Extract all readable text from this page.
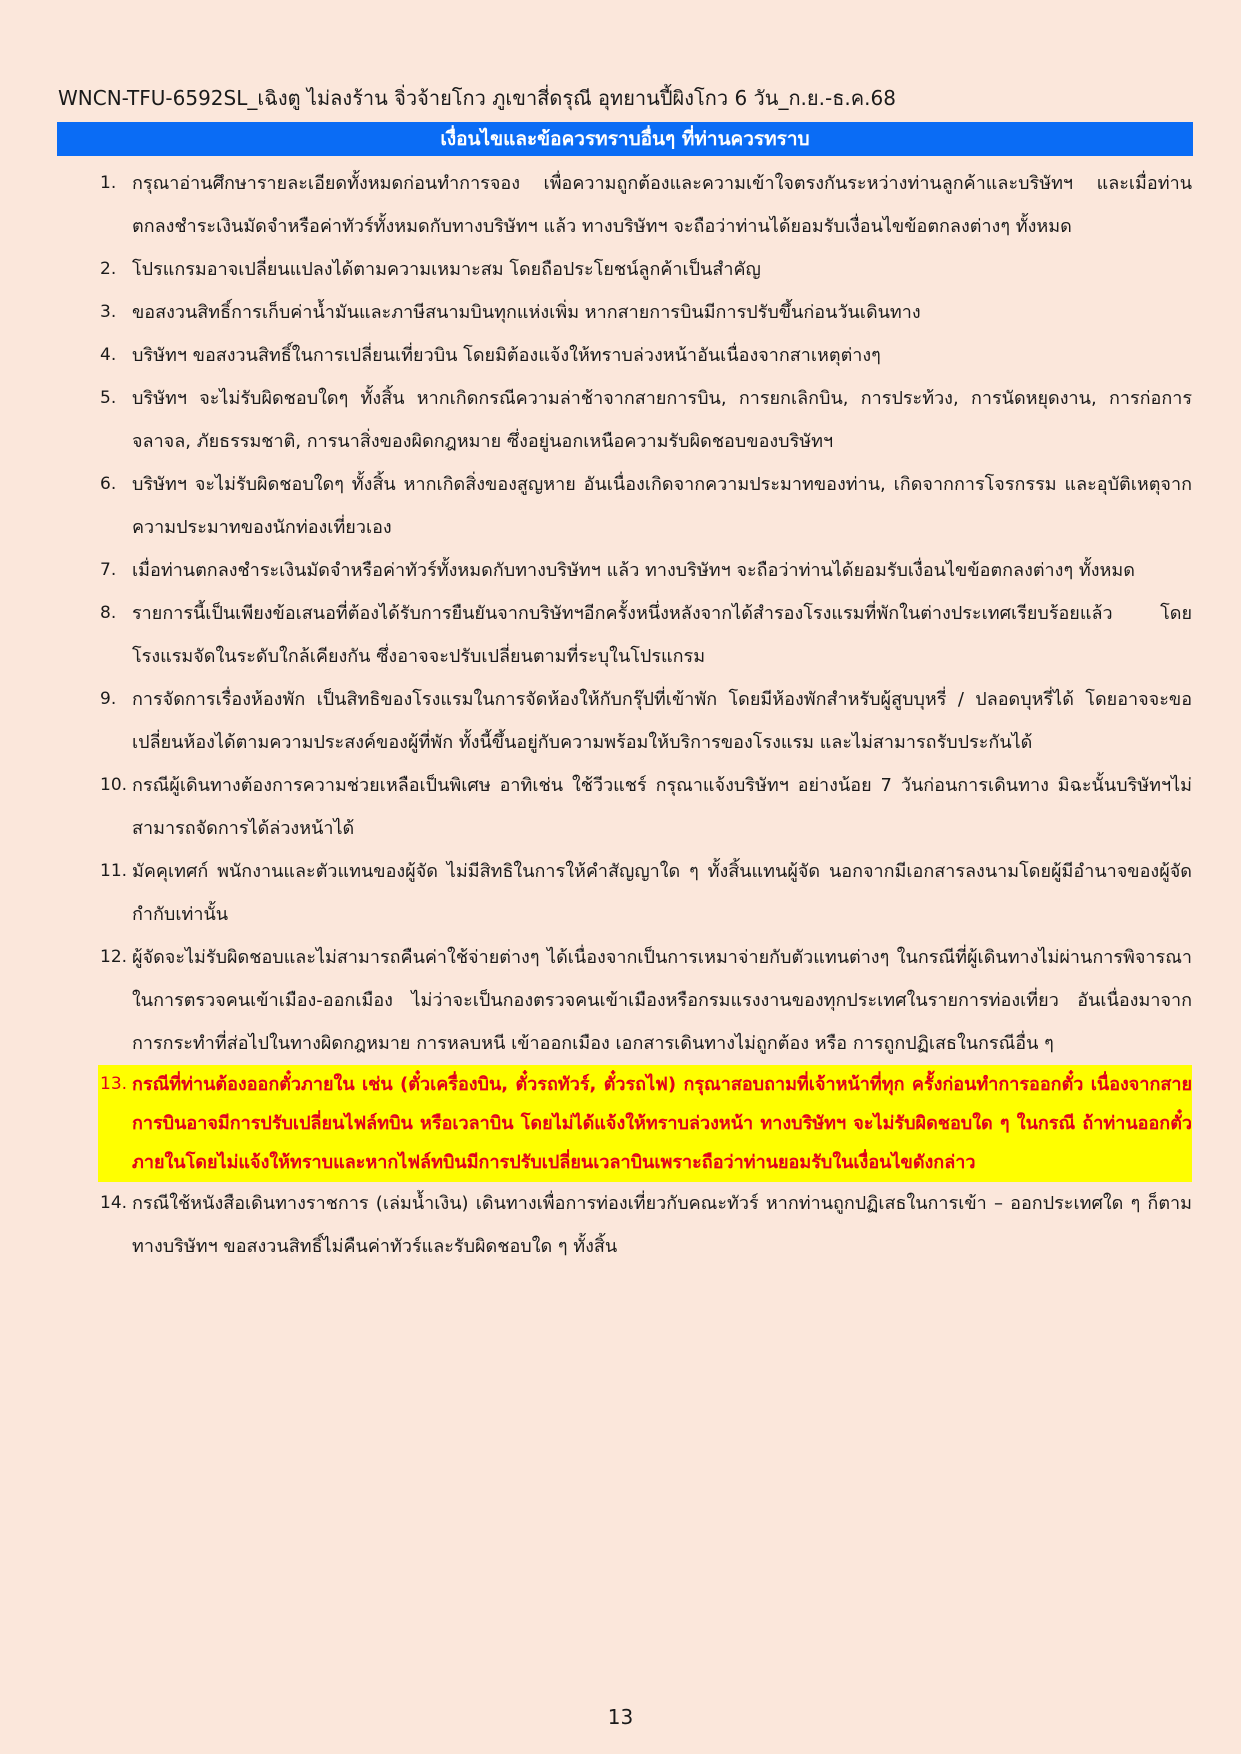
WNCN-TFU-6592SL_เฉิงตู ไม่ลงร้าน จิ่วจ้ายโกว ภูเขาสี่ดรุณี อุทยานปี้ผิงโกว 6 วัน_ก.ย.-ธ.ค.68
เงื่อนไขและข้อควรทราบอื่นๆ ที่ท่านควรทราบ
1. กรุณาอ่านศึกษารายละเอียดทั้งหมดก่อนทำการจอง เพื่อความถูกต้องและความเข้าใจตรงกันระหว่างท่านลูกค้าและบริษัทฯ และเมื่อท่านตกลงชำระเงินมัดจำหรือค่าทัวร์ทั้งหมดกับทางบริษัทฯ แล้ว ทางบริษัทฯ จะถือว่าท่านได้ยอมรับเงื่อนไขข้อตกลงต่างๆ ทั้งหมด
2. โปรแกรมอาจเปลี่ยนแปลงได้ตามความเหมาะสม โดยถือประโยชน์ลูกค้าเป็นสำคัญ
3. ขอสงวนสิทธิ์การเก็บค่าน้ำมันและภาษีสนามบินทุกแห่งเพิ่ม หากสายการบินมีการปรับขึ้นก่อนวันเดินทาง
4. บริษัทฯ ขอสงวนสิทธิ์ในการเปลี่ยนเที่ยวบิน โดยมิต้องแจ้งให้ทราบล่วงหน้าอันเนื่องจากสาเหตุต่างๆ
5. บริษัทฯ จะไม่รับผิดชอบใดๆ ทั้งสิ้น หากเกิดกรณีความล่าช้าจากสายการบิน, การยกเลิกบิน, การประท้วง, การนัดหยุดงาน, การก่อการจลาจล, ภัยธรรมชาติ, การนาสิ่งของผิดกฎหมาย ซึ่งอยู่นอกเหนือความรับผิดชอบของบริษัทฯ
6. บริษัทฯ จะไม่รับผิดชอบใดๆ ทั้งสิ้น หากเกิดสิ่งของสูญหาย อันเนื่องเกิดจากความประมาทของท่าน, เกิดจากการโจรกรรม และอุบัติเหตุจากความประมาทของนักท่องเที่ยวเอง
7. เมื่อท่านตกลงชำระเงินมัดจำหรือค่าทัวร์ทั้งหมดกับทางบริษัทฯ แล้ว ทางบริษัทฯ จะถือว่าท่านได้ยอมรับเงื่อนไขข้อตกลงต่างๆ ทั้งหมด
8. รายการนี้เป็นเพียงข้อเสนอที่ต้องได้รับการยืนยันจากบริษัทฯอีกครั้งหนึ่งหลังจากได้สำรองโรงแรมที่พักในต่างประเทศเรียบร้อยแล้ว โดยโรงแรมจัดในระดับใกล้เคียงกัน ซึ่งอาจจะปรับเปลี่ยนตามที่ระบุในโปรแกรม
9. การจัดการเรื่องห้องพัก เป็นสิทธิของโรงแรมในการจัดห้องให้กับกรุ๊ปที่เข้าพัก โดยมีห้องพักสำหรับผู้สูบบุหรี่ / ปลอดบุหรี่ได้ โดยอาจจะขอเปลี่ยนห้องได้ตามความประสงค์ของผู้ที่พัก ทั้งนี้ขึ้นอยู่กับความพร้อมให้บริการของโรงแรม และไม่สามารถรับประกันได้
10. กรณีผู้เดินทางต้องการความช่วยเหลือเป็นพิเศษ อาทิเช่น ใช้วีวแชร์ กรุณาแจ้งบริษัทฯ อย่างน้อย 7 วันก่อนการเดินทาง มิฉะนั้นบริษัทฯไม่สามารถจัดการได้ล่วงหน้าได้
11. มัคคุเทศก์ พนักงานและตัวแทนของผู้จัด ไม่มีสิทธิในการให้คำสัญญาใด ๆ ทั้งสิ้นแทนผู้จัด นอกจากมีเอกสารลงนามโดยผู้มีอำนาจของผู้จัดกำกับเท่านั้น
12. ผู้จัดจะไม่รับผิดชอบและไม่สามารถคืนค่าใช้จ่ายต่างๆ ได้เนื่องจากเป็นการเหมาจ่ายกับตัวแทนต่างๆ ในกรณีที่ผู้เดินทางไม่ผ่านการพิจารณาในการตรวจคนเข้าเมือง-ออกเมือง ไม่ว่าจะเป็นกองตรวจคนเข้าเมืองหรือกรมแรงงานของทุกประเทศในรายการท่องเที่ยว อันเนื่องมาจากการกระทำที่ส่อไปในทางผิดกฎหมาย การหลบหนี เข้าออกเมือง เอกสารเดินทางไม่ถูกต้อง หรือ การถูกปฏิเสธในกรณีอื่น ๆ
13. กรณีที่ท่านต้องออกตั๋วภายใน เช่น (ตั๋วเครื่องบิน, ตั๋วรถทัวร์, ตั๋วรถไฟ) กรุณาสอบถามที่เจ้าหน้าที่ทุก ครั้งก่อนทำการออกตั๋ว เนื่องจากสายการบินอาจมีการปรับเปลี่ยนไฟล์ทบิน หรือเวลาบิน โดยไม่ได้แจ้งให้ทราบล่วงหน้า ทางบริษัทฯ จะไม่รับผิดชอบใด ๆ ในกรณี ถ้าท่านออกตั๋วภายในโดยไม่แจ้งให้ทราบและหากไฟล์ทบินมีการปรับเปลี่ยนเวลาบินเพราะถือว่าท่านยอมรับในเงื่อนไขดังกล่าว
14. กรณีใช้หนังสือเดินทางราชการ (เล่มน้ำเงิน) เดินทางเพื่อการท่องเที่ยวกับคณะทัวร์ หากท่านถูกปฏิเสธในการเข้า – ออกประเทศใด ๆ ก็ตาม ทางบริษัทฯ ขอสงวนสิทธิ์ไม่คืนค่าทัวร์และรับผิดชอบใด ๆ ทั้งสิ้น
13
